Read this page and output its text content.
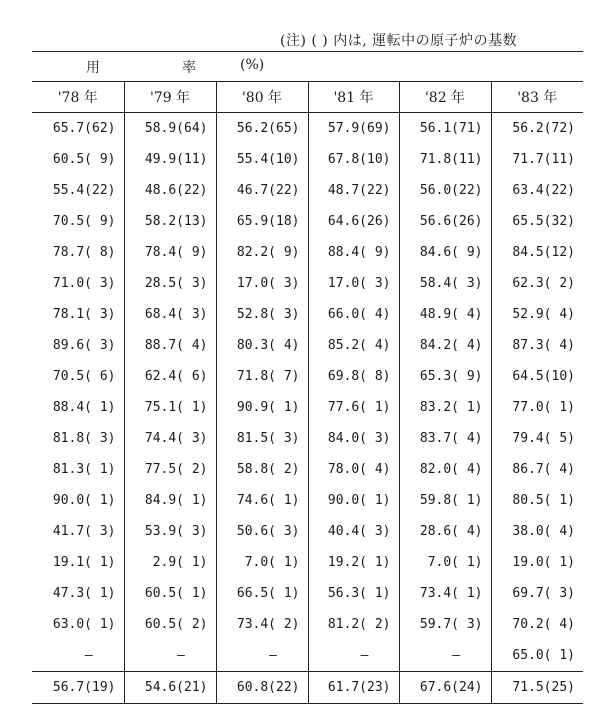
(注) ( ) 内は, 運転中の原子炉の基数
用 率 (%)					

'78 年	'79 年	'80 年	'81 年	'82 年	'83 年
65.7(62)	58.9(64)	56.2(65)	57.9(69)	56.1(71)	56.2(72)
60.5( 9)	49.9(11)	55.4(10)	67.8(10)	71.8(11)	71.7(11)
55.4(22)	48.6(22)	46.7(22)	48.7(22)	56.0(22)	63.4(22)
70.5( 9)	58.2(13)	65.9(18)	64.6(26)	56.6(26)	65.5(32)
78.7( 8)	78.4( 9)	82.2( 9)	88.4( 9)	84.6( 9)	84.5(12)
71.0( 3)	28.5( 3)	17.0( 3)	17.0( 3)	58.4( 3)	62.3( 2)
78.1( 3)	68.4( 3)	52.8( 3)	66.0( 4)	48.9( 4)	52.9( 4)
89.6( 3)	88.7( 4)	80.3( 4)	85.2( 4)	84.2( 4)	87.3( 4)
70.5( 6)	62.4( 6)	71.8( 7)	69.8( 8)	65.3( 9)	64.5(10)
88.4( 1)	75.1( 1)	90.9( 1)	77.6( 1)	83.2( 1)	77.0( 1)
81.8( 3)	74.4( 3)	81.5( 3)	84.0( 3)	83.7( 4)	79.4( 5)
81.3( 1)	77.5( 2)	58.8( 2)	78.0( 4)	82.0( 4)	86.7( 4)
90.0( 1)	84.9( 1)	74.6( 1)	90.0( 1)	59.8( 1)	80.5( 1)
41.7( 3)	53.9( 3)	50.6( 3)	40.4( 3)	28.6( 4)	38.0( 4)
19.1( 1)	2.9( 1)	7.0( 1)	19.2( 1)	7.0( 1)	19.0( 1)
47.3( 1)	60.5( 1)	66.5( 1)	56.3( 1)	73.4( 1)	69.7( 3)
63.0( 1)	60.5( 2)	73.4( 2)	81.2( 2)	59.7( 3)	70.2( 4)
—	—	—	—	—	65.0( 1)
56.7(19)	54.6(21)	60.8(22)	61.7(23)	67.6(24)	71.5(25)
